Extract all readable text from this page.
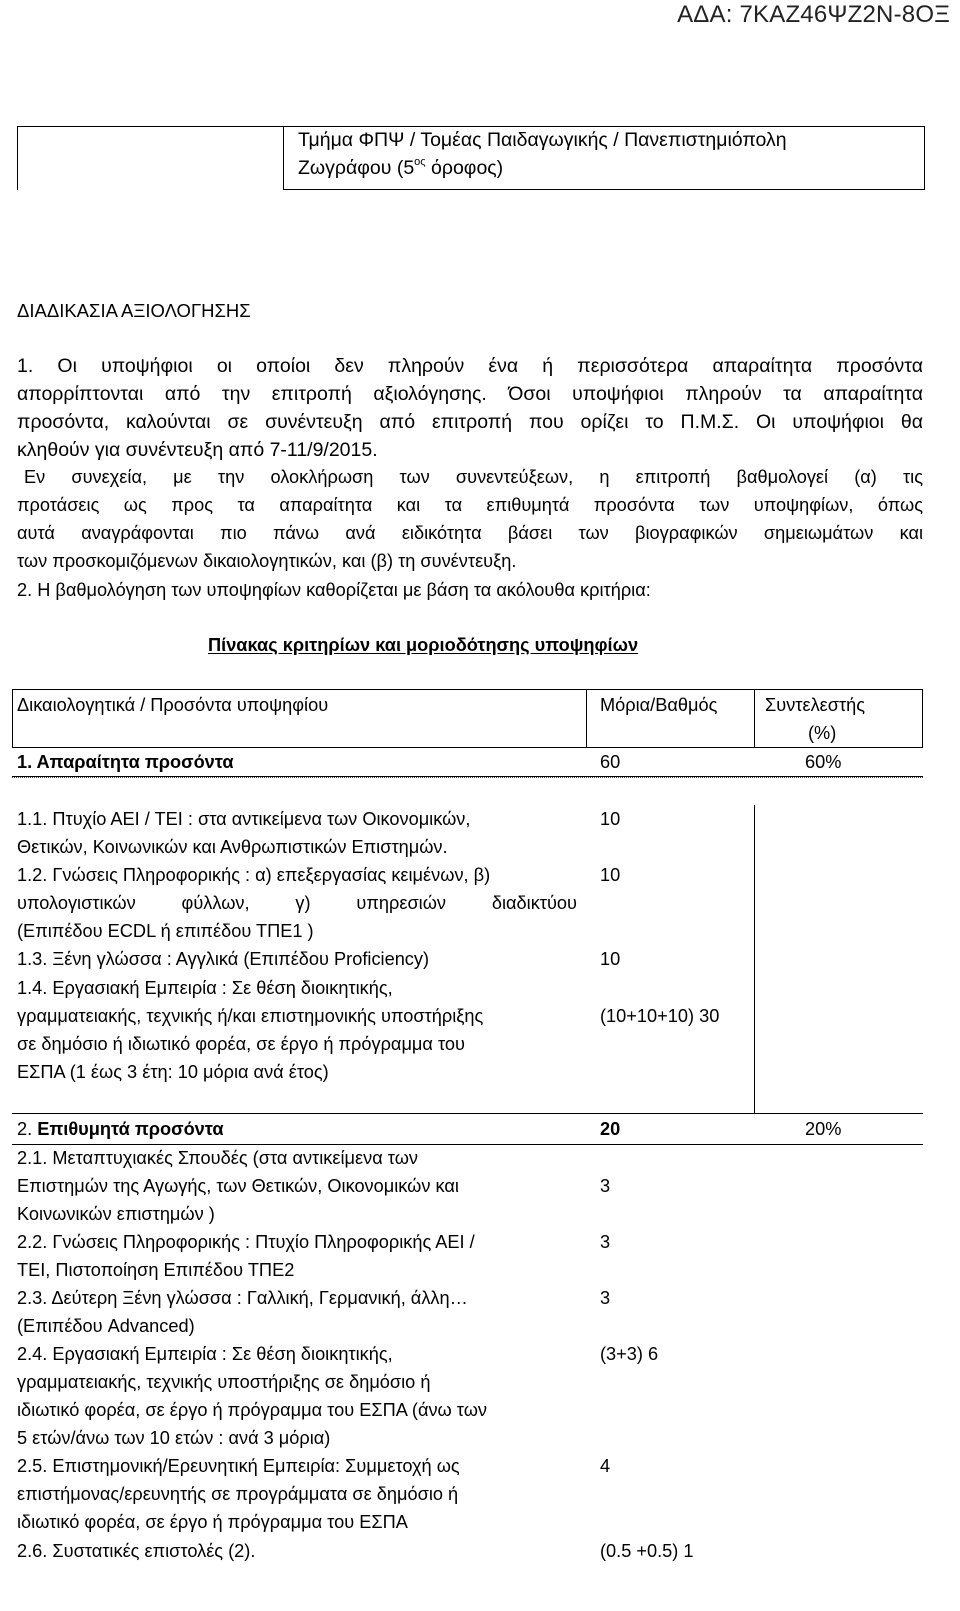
ΑΔΑ: 7ΚΑΖ46ΨΖ2Ν-8ΟΞ
Τμήμα ΦΠΨ / Τομέας Παιδαγωγικής / Πανεπιστημιόπολη
Ζωγράφου ($5^{o\varsigma}$ όροφος)
ΔΙΑΔΙΚΑΣΙΑ ΑΞΙΟΛΟΓΗΣΗΣ
1. Οι υποψήφιοι οι οποίοι δεν πληρούν ένα ή περισσότερα απαραίτητα προσόντα
απορρίπτονται από την επιτροπή αξιολόγησης. Όσοι υποψήφιοι πληρούν τα απαραίτητα
προσόντα, καλούνται σε συνέντευξη από επιτροπή που ορίζει το Π.Μ.Σ. Οι υποψήφιοι θα
κληθούν για συνέντευξη από 7-11/9/2015.
Εν συνεχεία, με την ολοκλήρωση των συνεντεύξεων, η επιτροπή βαθμολογεί (α) τις
προτάσεις ως προς τα απαραίτητα και τα επιθυμητά προσόντα των υποψηφίων, όπως
αυτά αναγράφονται πιο πάνω ανά ειδικότητα βάσει των βιογραφικών σημειωμάτων και
των προσκομιζόμενων δικαιολογητικών, και (β) τη συνέντευξη.
2. Η βαθμολόγηση των υποψηφίων καθορίζεται με βάση τα ακόλουθα κριτήρια:
Πίνακας κριτηρίων και μοριοδότησης υποψηφίων
Δικαιολογητικά / Προσόντα υποψηφίου	Μόρια/Βαθμός	Συντελεστής
(%)
1. Απαραίτητα προσόντα	60	60%
1.1. Πτυχίο ΑΕΙ / ΤΕΙ : στα αντικείμενα των Οικονομικών,
Θετικών, Κοινωνικών και Ανθρωπιστικών Επιστημών.
10
1.2. Γνώσεις Πληροφορικής : α) επεξεργασίας κειμένων, β)
υπολογιστικών φύλλων, γ) υπηρεσιών διαδικτύου
(Επιπέδου ECDL ή επιπέδου ΤΠΕ1 )
10
1.3. Ξένη γλώσσα : Αγγλικά (Επιπέδου Proficiency)	10
1.4. Εργασιακή Εμπειρία : Σε θέση διοικητικής,
γραμματειακής, τεχνικής ή/και επιστημονικής υποστήριξης
σε δημόσιο ή ιδιωτικό φορέα, σε έργο ή πρόγραμμα του
ΕΣΠΑ (1 έως 3 έτη: 10 μόρια ανά έτος)
(10+10+10) 30
2. Επιθυμητά προσόντα	20	20%
2.1. Μεταπτυχιακές Σπουδές (στα αντικείμενα των
Επιστημών της Αγωγής, των Θετικών, Οικονομικών και
Κοινωνικών επιστημών )
3
2.2. Γνώσεις Πληροφορικής : Πτυχίο Πληροφορικής ΑΕΙ /
ΤΕΙ, Πιστοποίηση Επιπέδου ΤΠΕ2
3
2.3. Δεύτερη Ξένη γλώσσα : Γαλλική, Γερμανική, άλλη…
(Επιπέδου Advanced)
3
2.4. Εργασιακή Εμπειρία : Σε θέση διοικητικής,
γραμματειακής, τεχνικής υποστήριξης σε δημόσιο ή
ιδιωτικό φορέα, σε έργο ή πρόγραμμα του ΕΣΠΑ (άνω των
5 ετών/άνω των 10 ετών : ανά 3 μόρια)
(3+3) 6
2.5. Επιστημονική/Ερευνητική Εμπειρία: Συμμετοχή ως
επιστήμονας/ερευνητής σε προγράμματα σε δημόσιο ή
ιδιωτικό φορέα, σε έργο ή πρόγραμμα του ΕΣΠΑ
4
2.6. Συστατικές επιστολές (2).	(0.5 +0.5) 1
